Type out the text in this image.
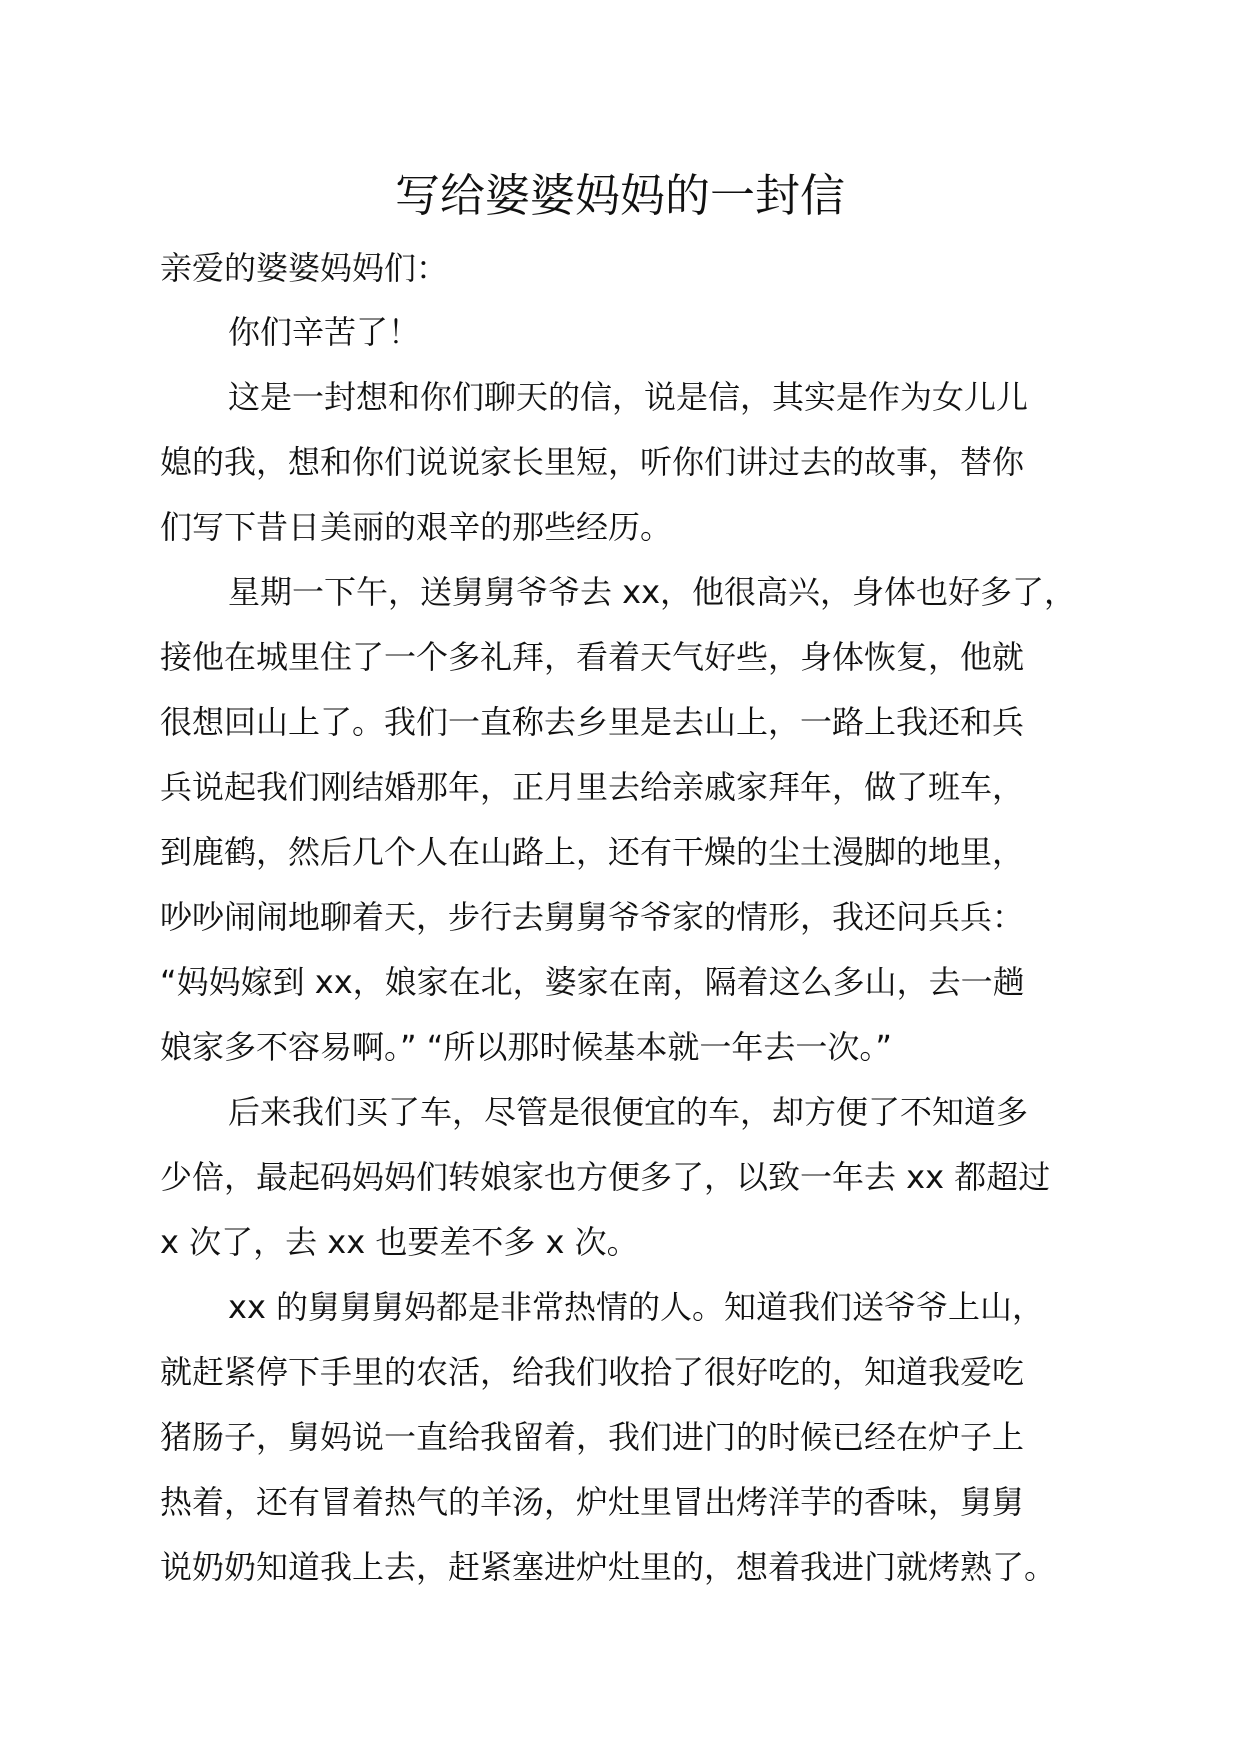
写给婆婆妈妈的一封信

亲爱的婆婆妈妈们：

你们辛苦了！

这是一封想和你们聊天的信，说是信，其实是作为女儿儿
媳的我，想和你们说说家长里短，听你们讲过去的故事，替你
们写下昔日美丽的艰辛的那些经历。

星期一下午，送舅舅爷爷去 xx，他很高兴，身体也好多了，
接他在城里住了一个多礼拜，看着天气好些，身体恢复，他就
很想回山上了。我们一直称去乡里是去山上，一路上我还和兵
兵说起我们刚结婚那年，正月里去给亲戚家拜年，做了班车，
到鹿鹤，然后几个人在山路上，还有干燥的尘土漫脚的地里，
吵吵闹闹地聊着天，步行去舅舅爷爷家的情形，我还问兵兵：
“妈妈嫁到 xx，娘家在北，婆家在南，隔着这么多山，去一趟
娘家多不容易啊。” “所以那时候基本就一年去一次。”

后来我们买了车，尽管是很便宜的车，却方便了不知道多
少倍，最起码妈妈们转娘家也方便多了，以致一年去 xx 都超过
x 次了，去 xx 也要差不多 x 次。

xx 的舅舅舅妈都是非常热情的人。知道我们送爷爷上山，
就赶紧停下手里的农活，给我们收拾了很好吃的，知道我爱吃
猪肠子，舅妈说一直给我留着，我们进门的时候已经在炉子上
热着，还有冒着热气的羊汤，炉灶里冒出烤洋芋的香味，舅舅
说奶奶知道我上去，赶紧塞进炉灶里的，想着我进门就烤熟了。
